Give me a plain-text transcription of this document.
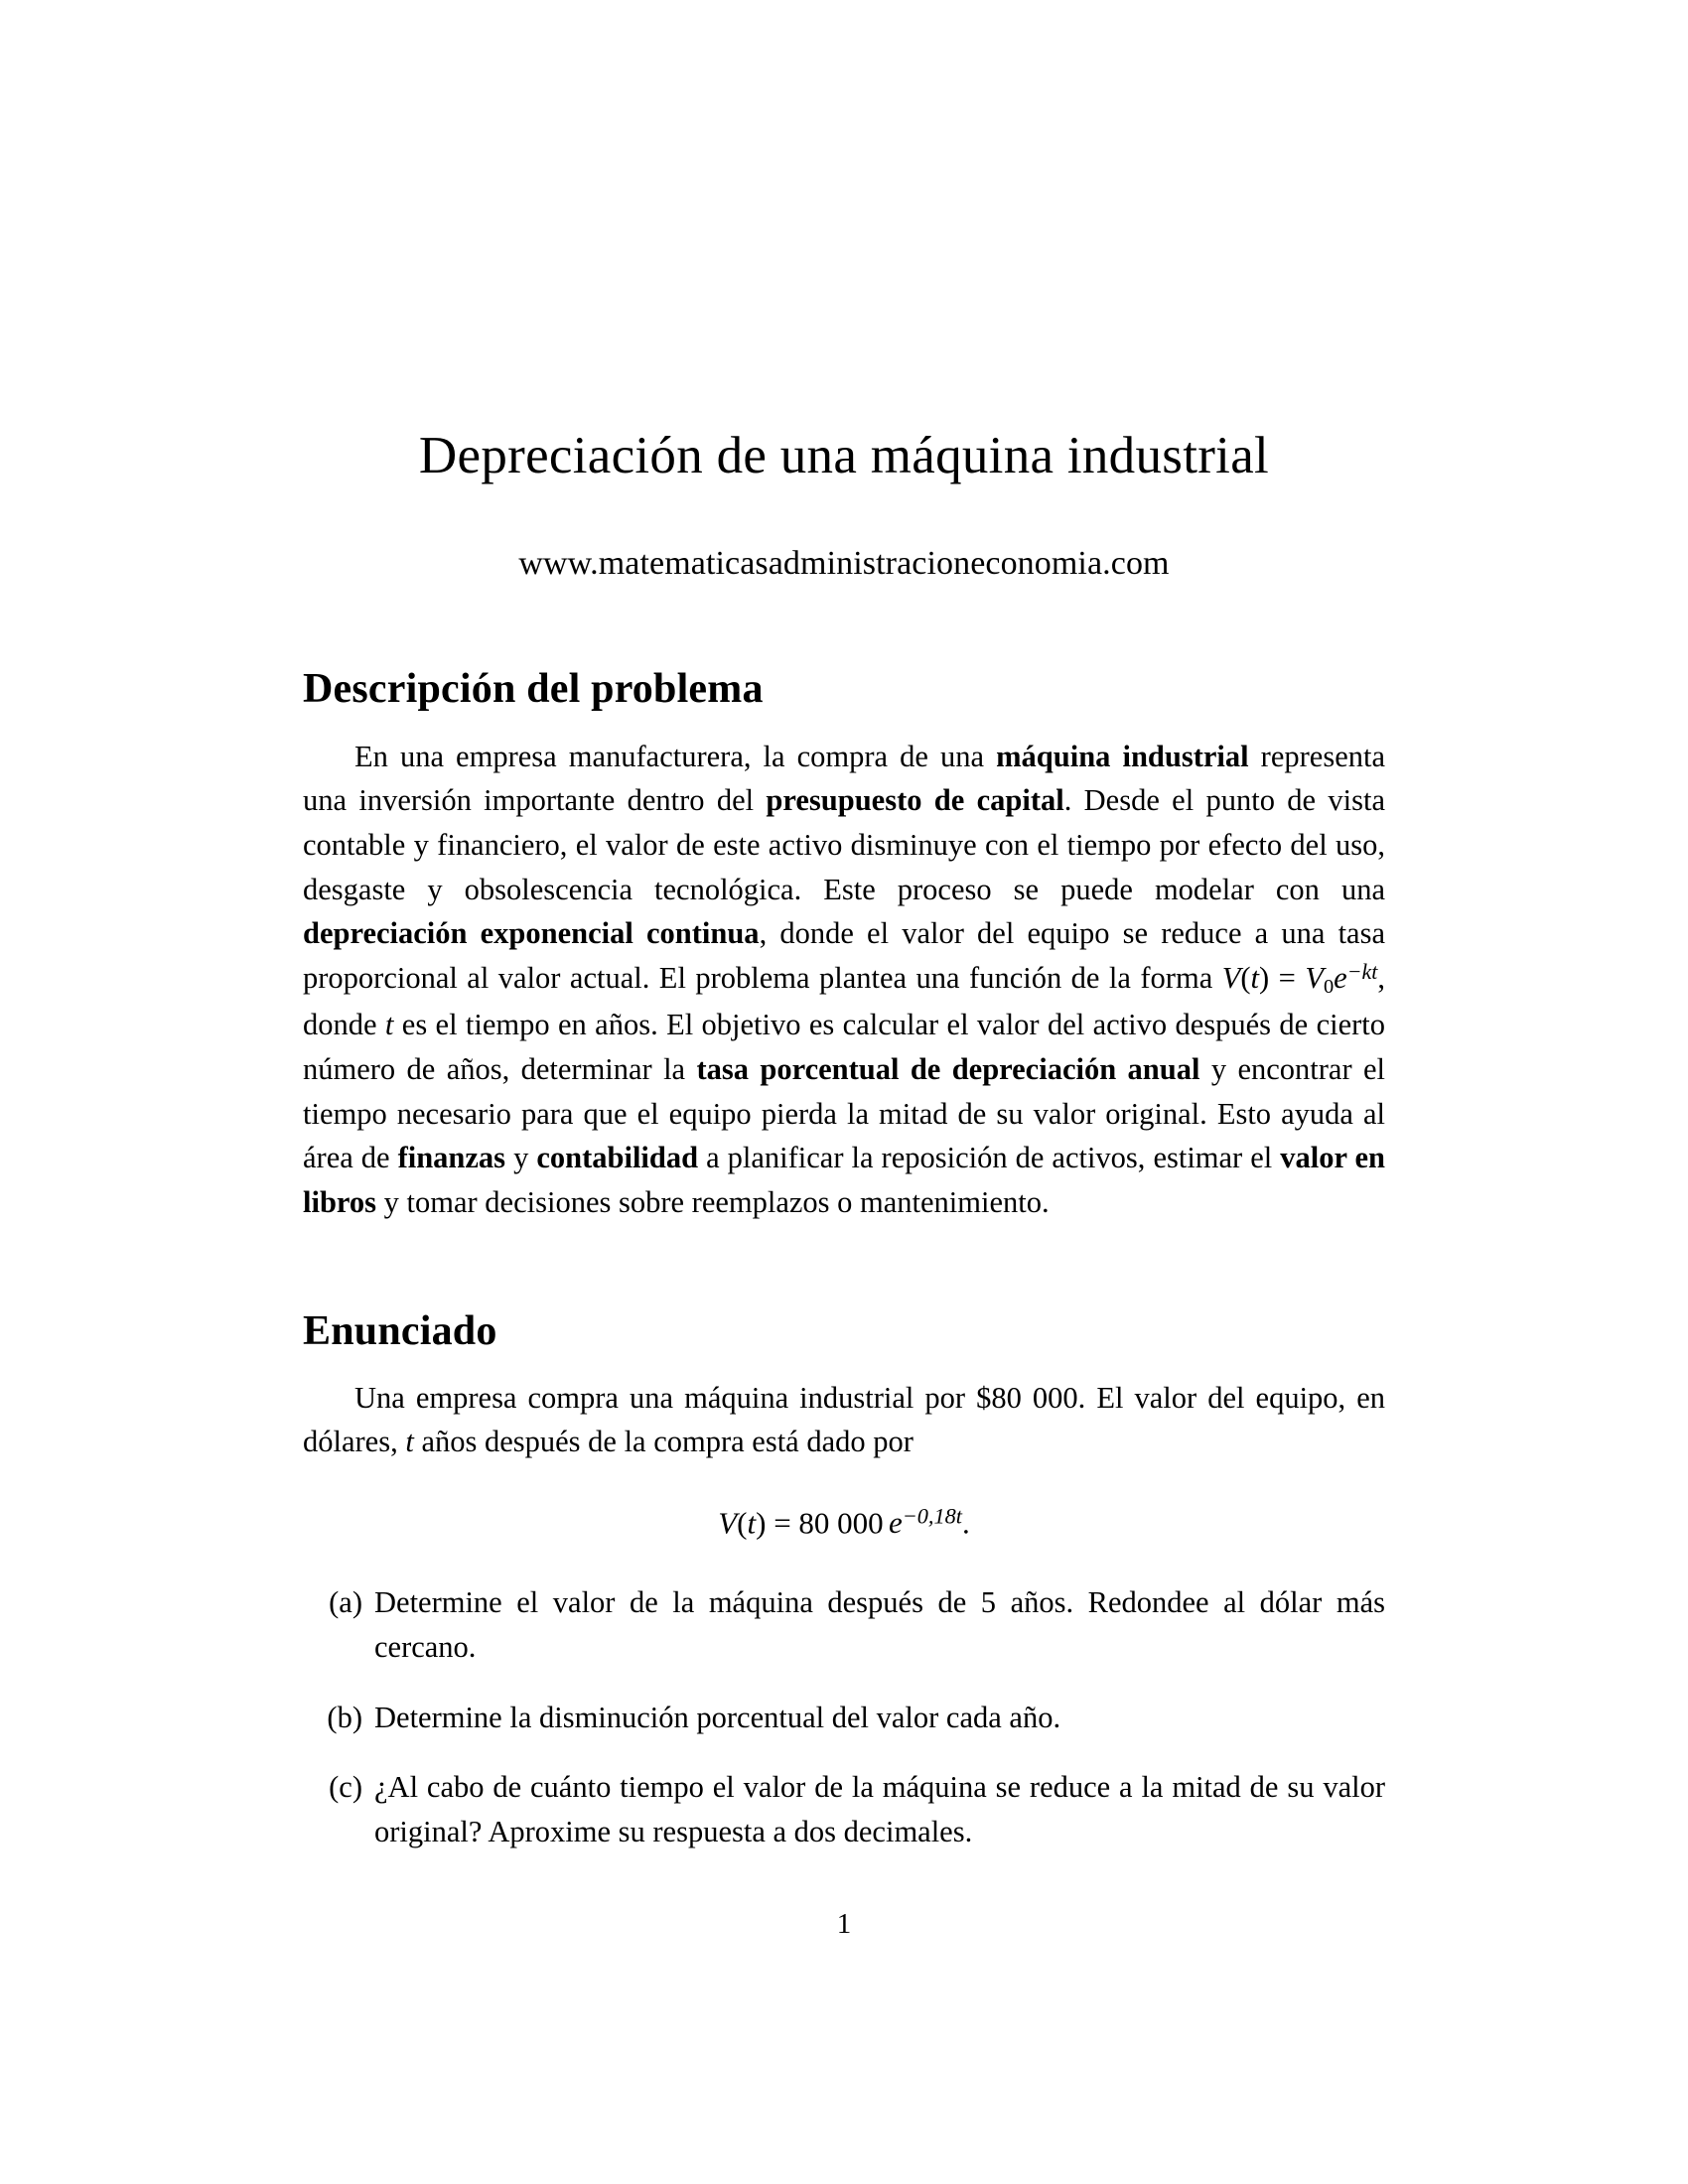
Depreciación de una máquina industrial
www.matematicasadministracioneconomia.com
Descripción del problema

En una empresa manufacturera, la compra de una máquina industrial representa una inversión importante dentro del presupuesto de capital. Desde el punto de vista contable y financiero, el valor de este activo disminuye con el tiempo por efecto del uso, desgaste y obsolescencia tecnológica. Este proceso se puede modelar con una depreciación exponencial continua, donde el valor del equipo se reduce a una tasa proporcional al valor actual. El problema plantea una función de la forma $V(t) = V_0e^{-kt}$, donde t es el tiempo en años. El objetivo es calcular el valor del activo después de cierto número de años, determinar la tasa porcentual de depreciación anual y encontrar el tiempo necesario para que el equipo pierda la mitad de su valor original. Esto ayuda al área de finanzas y contabilidad a planificar la reposición de activos, estimar el valor en libros y tomar decisiones sobre reemplazos o mantenimiento.

Enunciado

Una empresa compra una máquina industrial por $80 000. El valor del equipo, en dólares, t años después de la compra está dado por

V(t) = 80 000 $e^{-0,18t}$.
(a) Determine el valor de la máquina después de 5 años. Redondee al dólar más cercano.
(b) Determine la disminución porcentual del valor cada año.
(c) ¿Al cabo de cuánto tiempo el valor de la máquina se reduce a la mitad de su valor original? Aproxime su respuesta a dos decimales.
1
